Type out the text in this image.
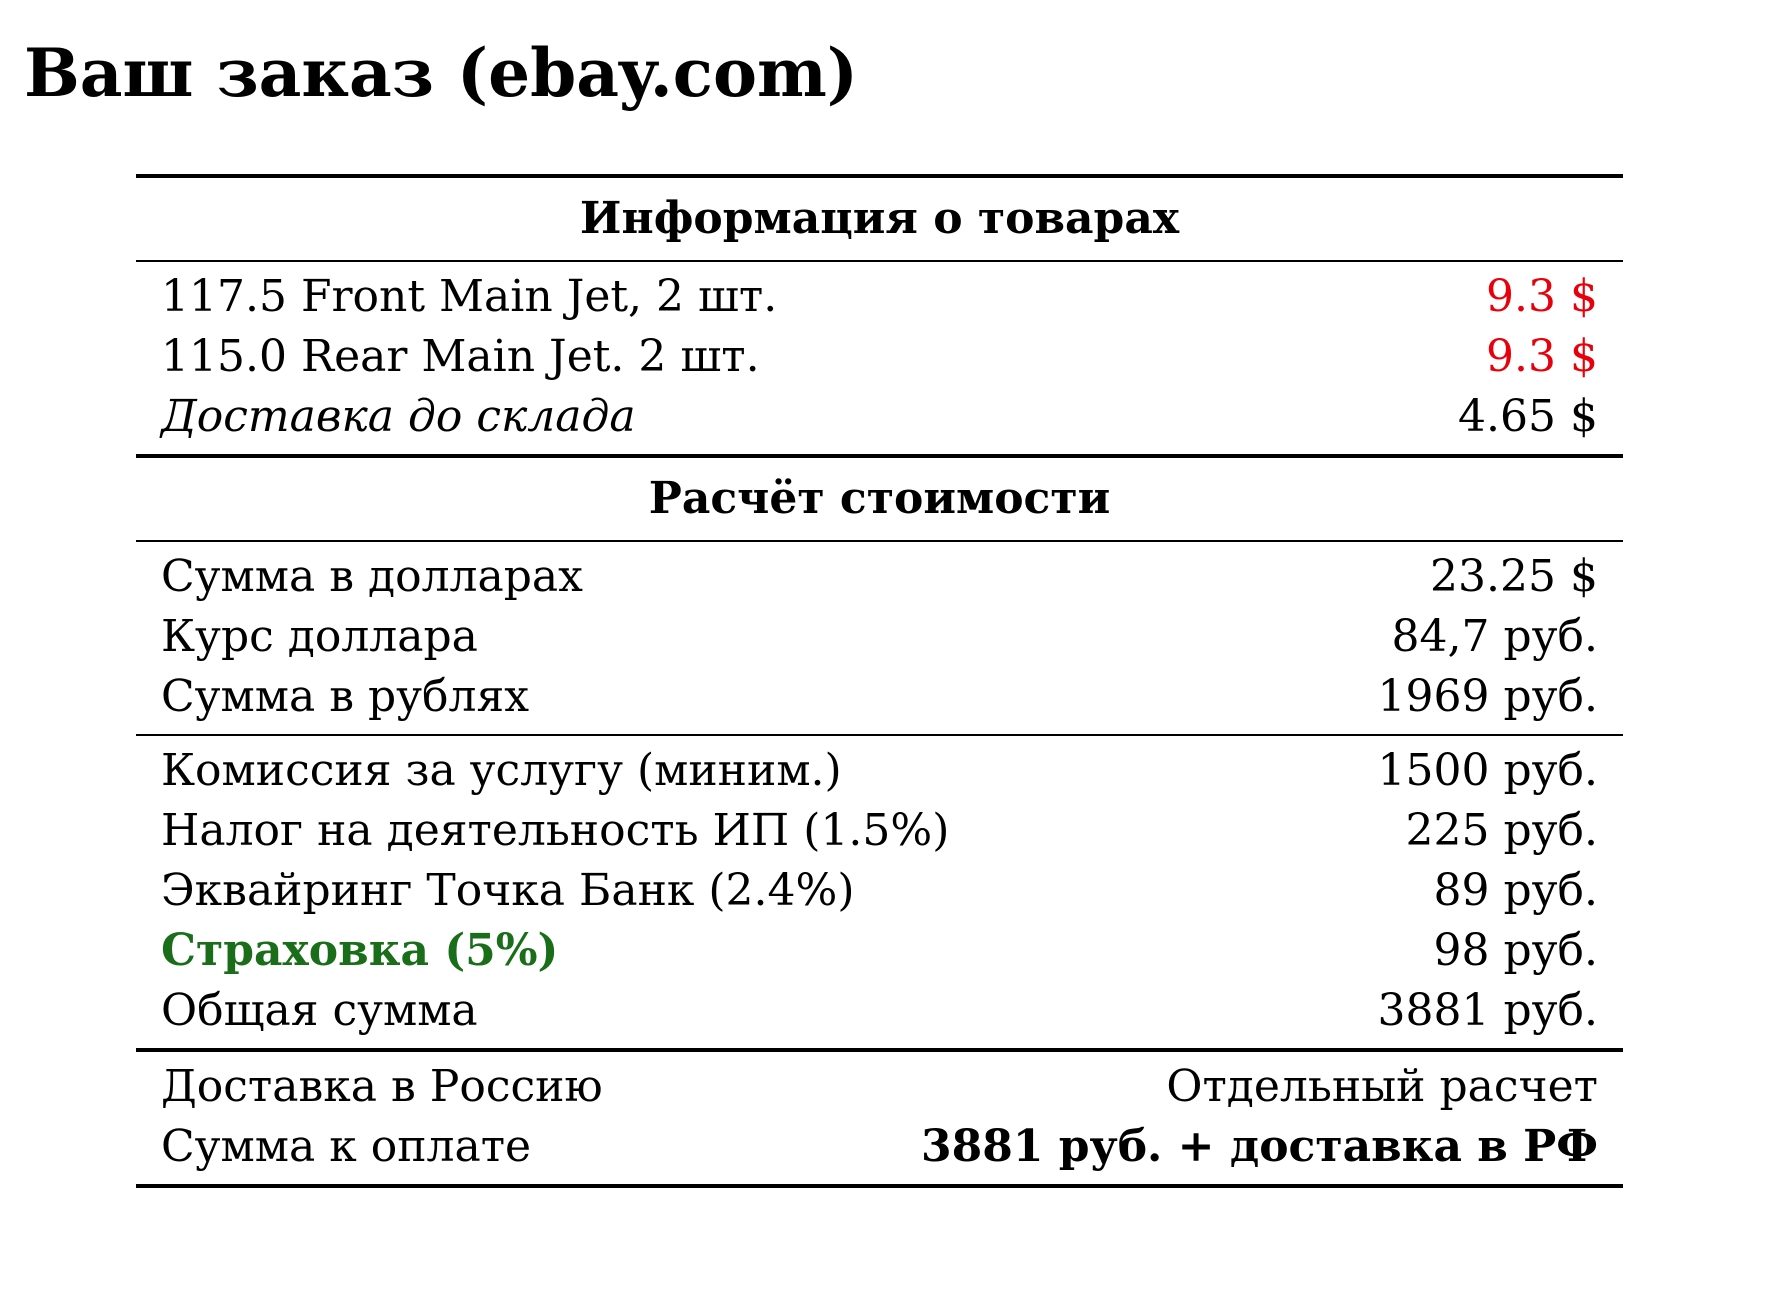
Ваш заказ (ebay.com)
Информация о товарах
117.5 Front Main Jet, 2 шт.	9.3 $
115.0 Rear Main Jet. 2 шт.	9.3 $
Доставка до склада	4.65 $
Расчёт стоимости
Сумма в долларах	23.25 $
Курс доллара	84,7 руб.
Сумма в рублях	1969 руб.
Комиссия за услугу (миним.)	1500 руб.
Налог на деятельность ИП (1.5%)	225 руб.
Эквайринг Точка Банк (2.4%)	89 руб.
Страховка (5%)	98 руб.
Общая сумма	3881 руб.
Доставка в Россию	Отдельный расчет
Сумма к оплате	3881 руб. + доставка в РФ
